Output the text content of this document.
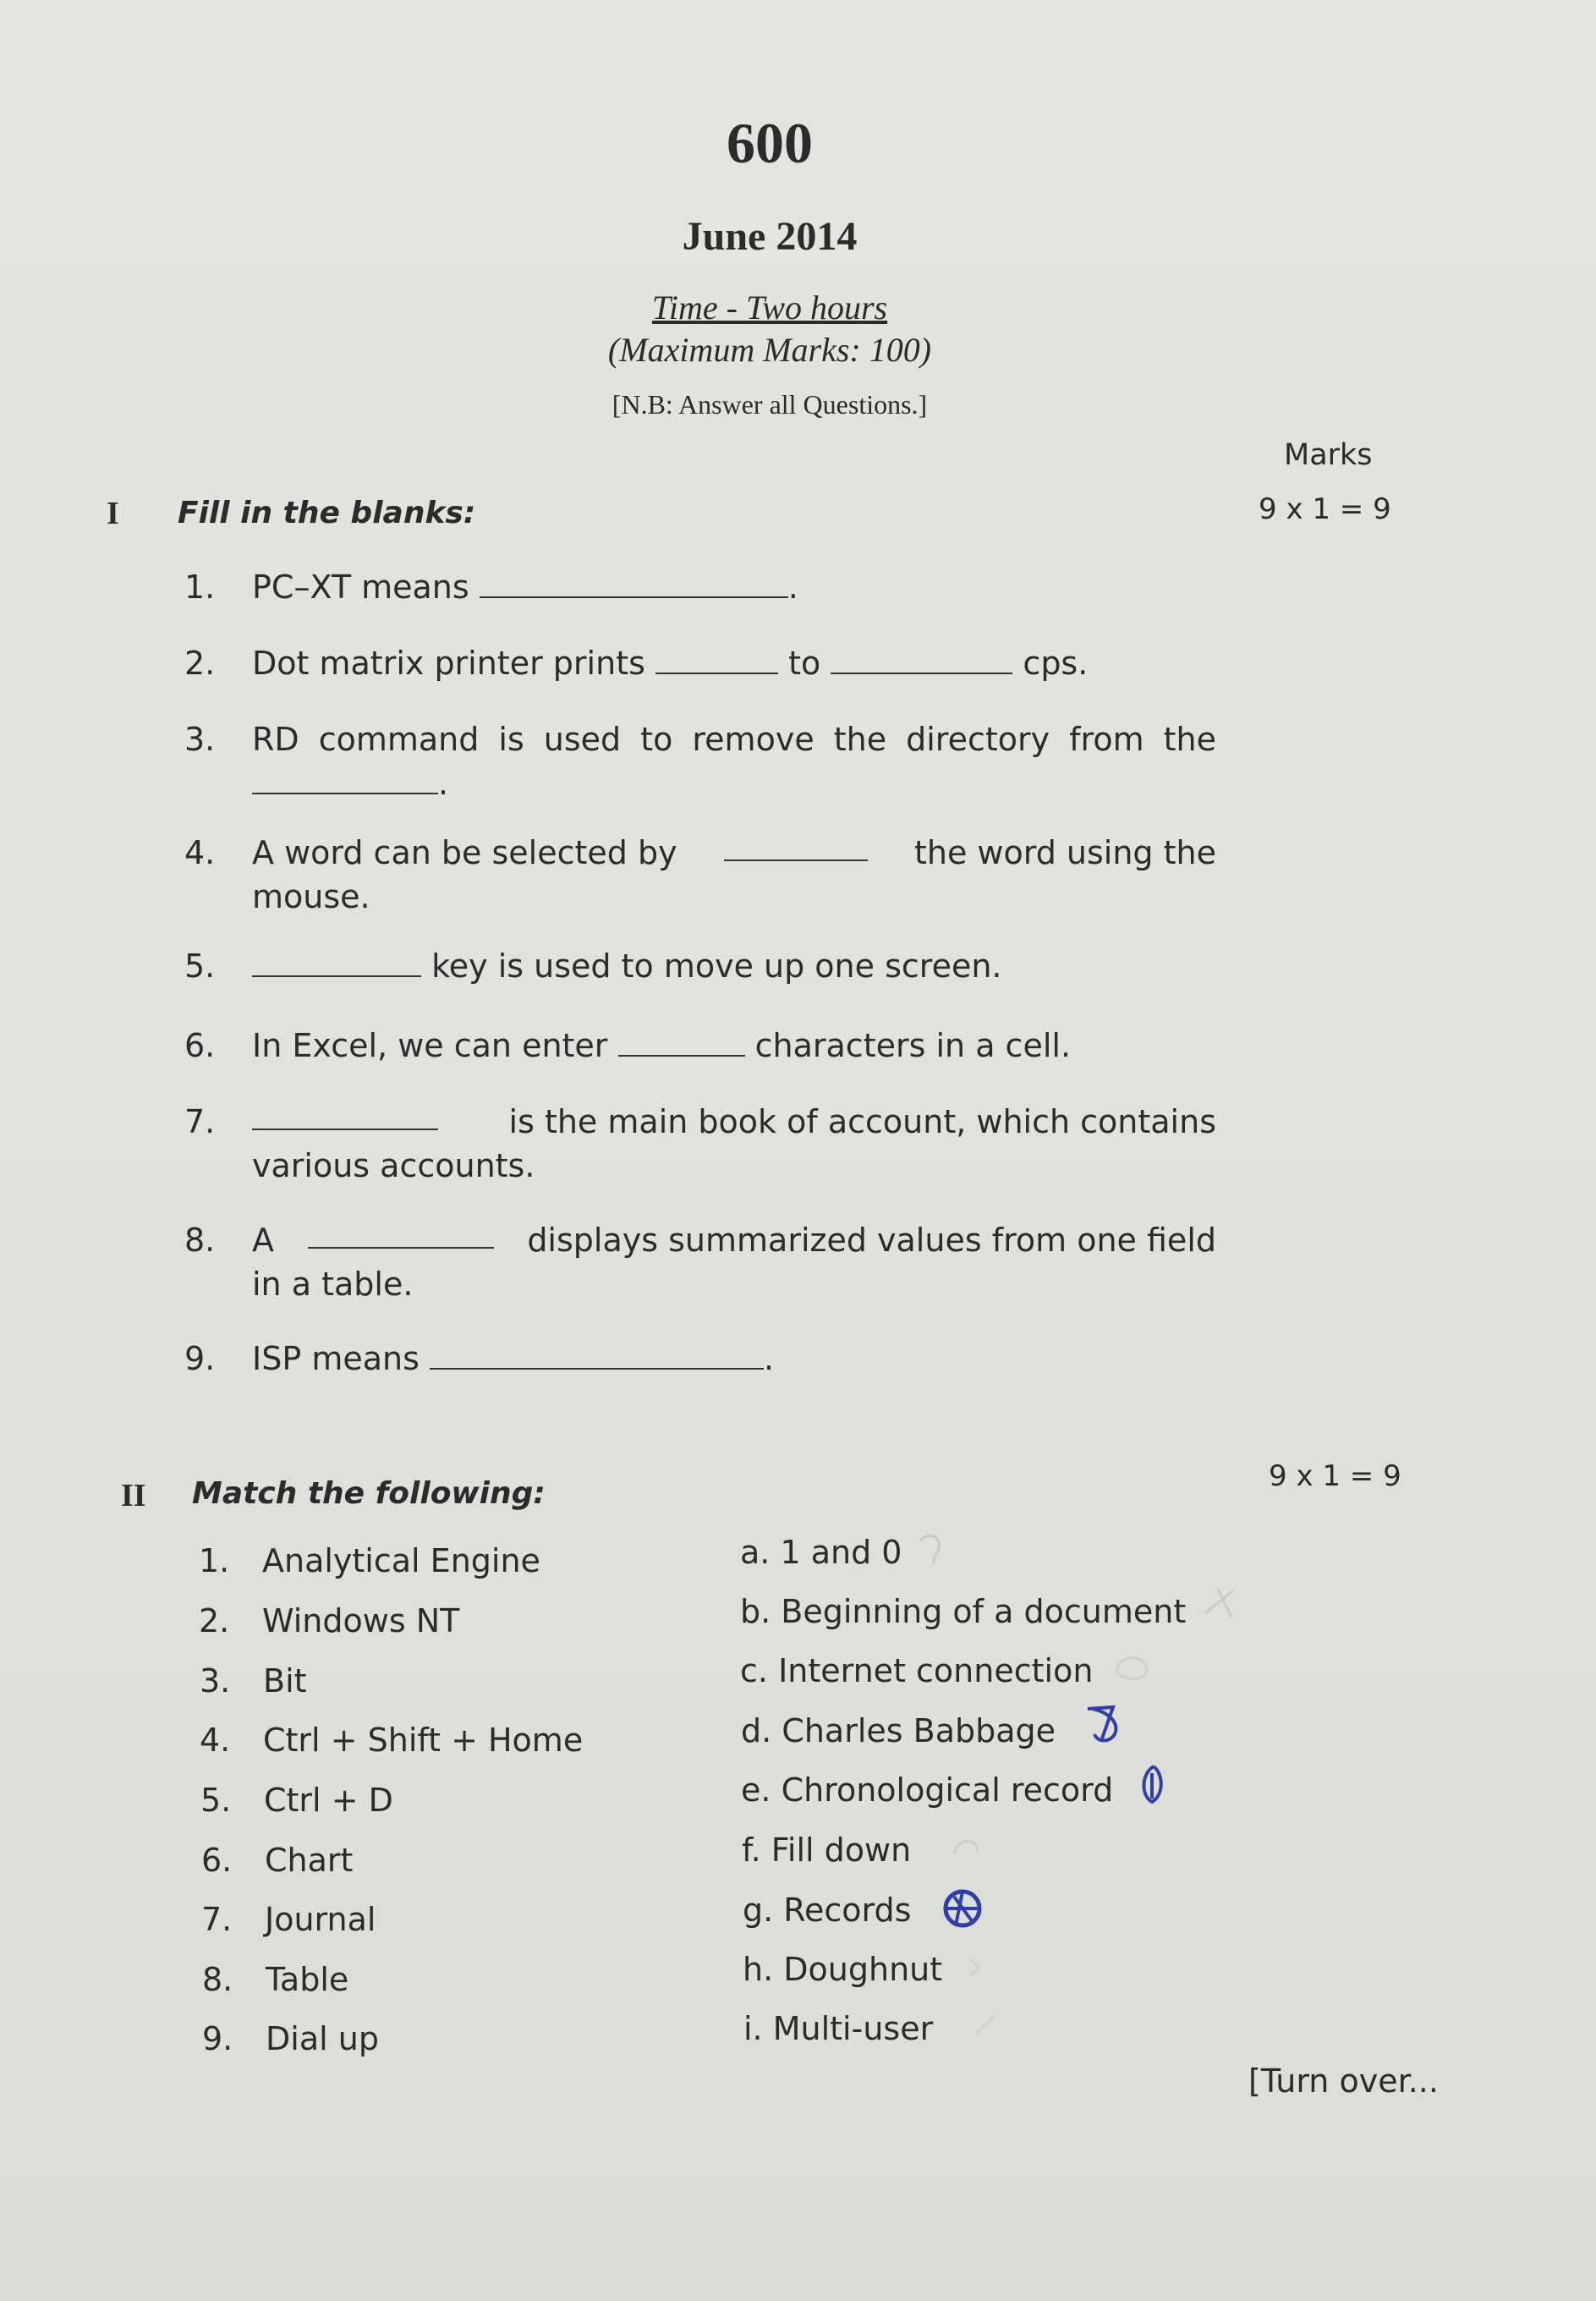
600
June 2014
Time - Two hours
(Maximum Marks: 100)
[N.B: Answer all Questions.]
Marks
I Fill in the blanks:	9 x 1 = 9
1.	PC–XT means	.
2.	Dot matrix printer prints	to	cps.
3.	RD command is used to remove the directory from the
.
4.	A word can be selected by	the word using the
mouse.
5.	key is used to move up one screen.
6.	In Excel, we can enter	characters in a cell.
7.	is the main book of account, which contains
various accounts.
8.	A	displays summarized values from one field
in a table.
9.	ISP means	.
II Match the following:	9 x 1 = 9
1. Analytical Engine
2. Windows NT
3. Bit
4. Ctrl + Shift + Home
5. Ctrl + D
6. Chart
7. Journal
8. Table
9. Dial up
a. 1 and 0
b. Beginning of a document
c. Internet connection
d. Charles Babbage
e. Chronological record
f. Fill down
g. Records
h. Doughnut
i. Multi-user
[Turn over...
